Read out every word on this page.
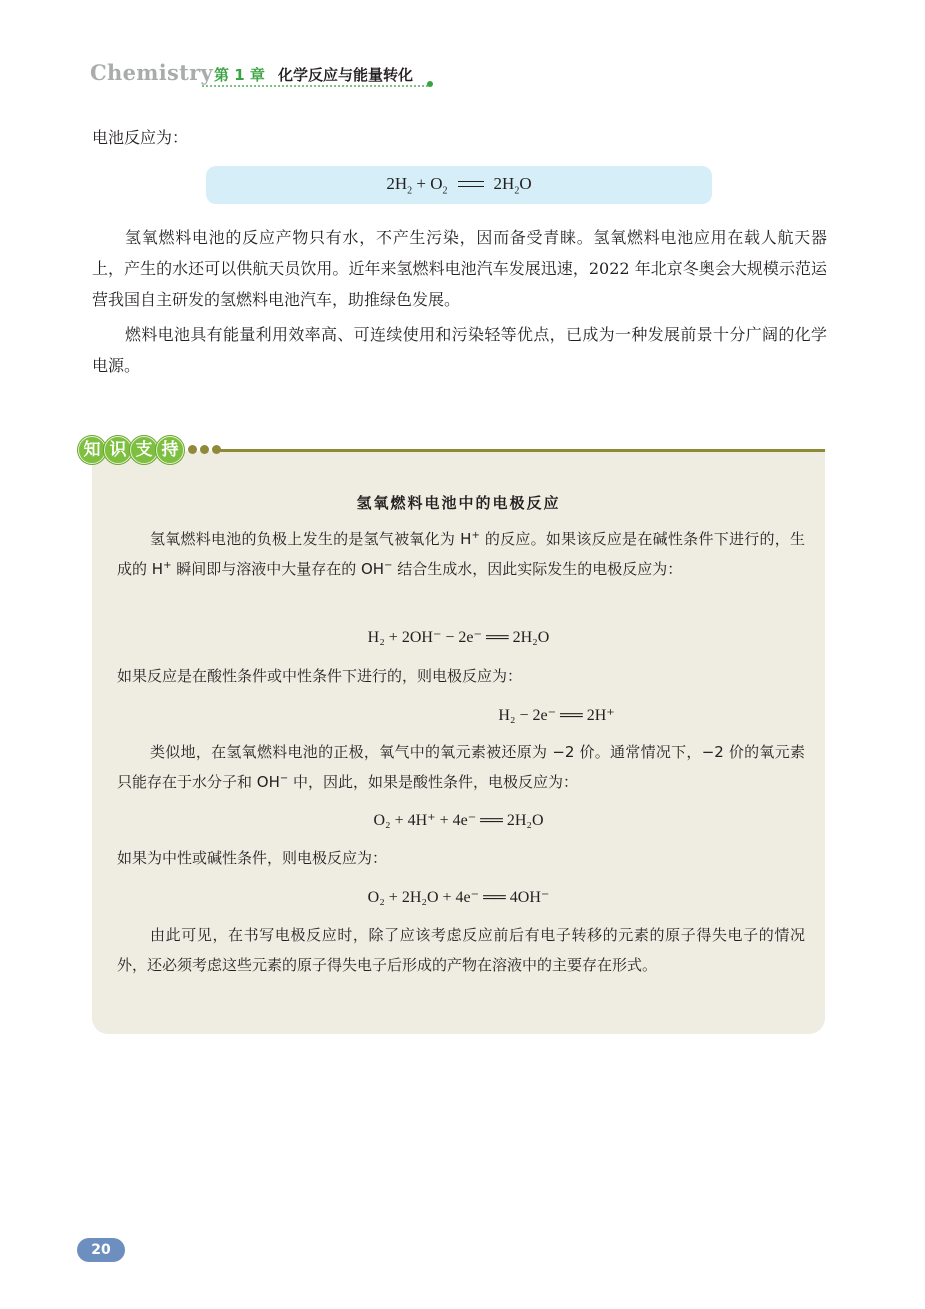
Chemistry 第 1 章 化学反应与能量转化

电池反应为：

$2H_2 + O_2$	$2H_2O$

氢氧燃料电池的反应产物只有水，不产生污染，因而备受青睐。氢氧燃料电池应用在载人航天器上，产生的水还可以供航天员饮用。近年来氢燃料电池汽车发展迅速，2022 年北京冬奥会大规模示范运营我国自主研发的氢燃料电池汽车，助推绿色发展。

燃料电池具有能量利用效率高、可连续使用和污染轻等优点，已成为一种发展前景十分广阔的化学电源。

知 识 支 持
氢氧燃料电池中的电极反应

氢氧燃料电池的负极上发生的是氢气被氧化为 H+ 的反应。如果该反应是在碱性条件下进行的，生成的 H+ 瞬间即与溶液中大量存在的 OH− 结合生成水，因此实际发生的电极反应为：

H₂ + 2OH⁻ − 2e⁻ ══ 2H₂O

如果反应是在酸性条件或中性条件下进行的，则电极反应为：

H₂ − 2e⁻ ══ 2H⁺

类似地，在氢氧燃料电池的正极，氧气中的氧元素被还原为 −2 价。通常情况下，−2 价的氧元素只能存在于水分子和 OH− 中，因此，如果是酸性条件，电极反应为：

O₂ + 4H⁺ + 4e⁻ ══ 2H₂O

如果为中性或碱性条件，则电极反应为：

O₂ + 2H₂O + 4e⁻ ══ 4OH⁻

由此可见，在书写电极反应时，除了应该考虑反应前后有电子转移的元素的原子得失电子的情况外，还必须考虑这些元素的原子得失电子后形成的产物在溶液中的主要存在形式。

20
